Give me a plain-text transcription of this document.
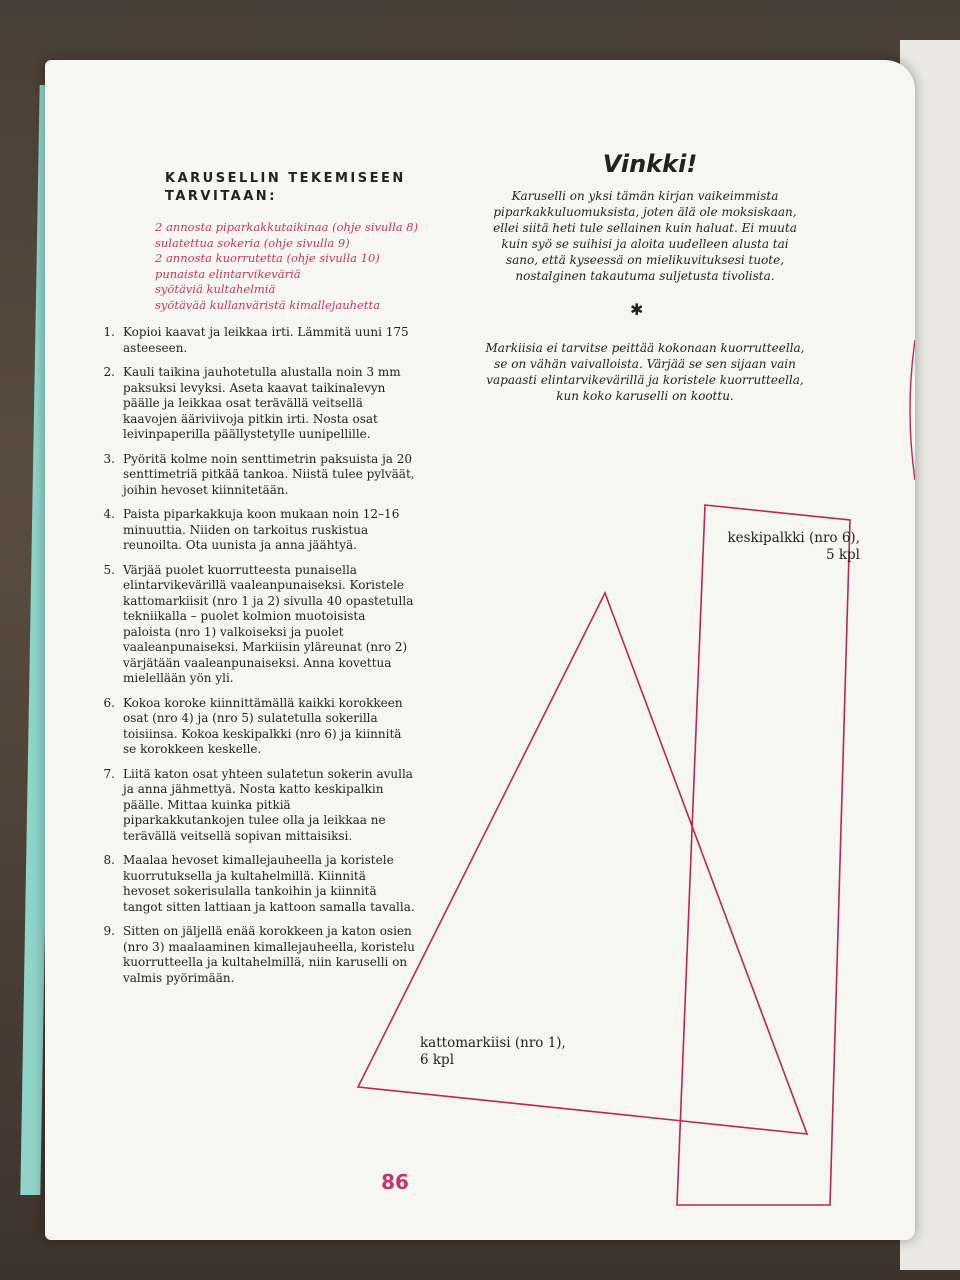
KARUSELLIN TEKEMISEEN
TARVITAAN:
2 annosta piparkakkutaikinaa (ohje sivulla 8)
sulatettua sokeria (ohje sivulla 9)
2 annosta kuorrutetta (ohje sivulla 10)
punaista elintarvikeväriä
syötäviä kultahelmiä
syötävää kullanväristä kimallejauhetta
1. Kopioi kaavat ja leikkaa irti. Lämmitä uuni 175 asteeseen.
2. Kauli taikina jauhotetulla alustalla noin 3 mm paksuksi levyksi. Aseta kaavat taikinalevyn päälle ja leikkaa osat terävällä veitsellä kaavojen ääriviivoja pitkin irti. Nosta osat leivinpaperilla päällystetylle uunipellille.
3. Pyöritä kolme noin senttimetrin paksuista ja 20 senttimetriä pitkää tankoa. Niistä tulee pylväät, joihin hevoset kiinnitetään.
4. Paista piparkakkuja koon mukaan noin 12–16 minuuttia. Niiden on tarkoitus ruskistua reunoilta. Ota uunista ja anna jäähtyä.
5. Värjää puolet kuorrutteesta punaisella elintarvikevärillä vaaleanpunaiseksi. Koristele kattomarkiisit (nro 1 ja 2) sivulla 40 opastetulla tekniikalla – puolet kolmion muotoisista paloista (nro 1) valkoiseksi ja puolet vaaleanpunaiseksi. Markiisin yläreunat (nro 2) värjätään vaaleanpunaiseksi. Anna kovettua mielellään yön yli.
6. Kokoa koroke kiinnittämällä kaikki korokkeen osat (nro 4) ja (nro 5) sulatetulla sokerilla toisiinsa. Kokoa keskipalkki (nro 6) ja kiinnitä se korokkeen keskelle.
7. Liitä katon osat yhteen sulatetun sokerin avulla ja anna jähmettyä. Nosta katto keskipalkin päälle. Mittaa kuinka pitkiä piparkakkutankojen tulee olla ja leikkaa ne terävällä veitsellä sopivan mittaisiksi.
8. Maalaa hevoset kimallejauheella ja koristele kuorrutuksella ja kultahelmillä. Kiinnitä hevoset sokerisulalla tankoihin ja kiinnitä tangot sitten lattiaan ja kattoon samalla tavalla.
9. Sitten on jäljellä enää korokkeen ja katon osien (nro 3) maalaaminen kimallejauheella, koristelu kuorrutteella ja kultahelmillä, niin karuselli on valmis pyörimään.
Vinkki!

Karuselli on yksi tämän kirjan vaikeimmista piparkakkuluomuksista, joten älä ole moksiskaan, ellei siitä heti tule sellainen kuin haluat. Ei muuta kuin syö se suihisi ja aloita uudelleen alusta tai sano, että kyseessä on mielikuvituksesi tuote, nostalginen takautuma suljetusta tivolista.

✱

Markiisia ei tarvitse peittää kokonaan kuorrutteella, se on vähän vaivalloista. Värjää se sen sijaan vain vapaasti elintarvikevärillä ja koristele kuorrutteella, kun koko karuselli on koottu.

keskipalkki (nro 6),
5 kpl
kattomarkiisi (nro 1),
6 kpl
86
